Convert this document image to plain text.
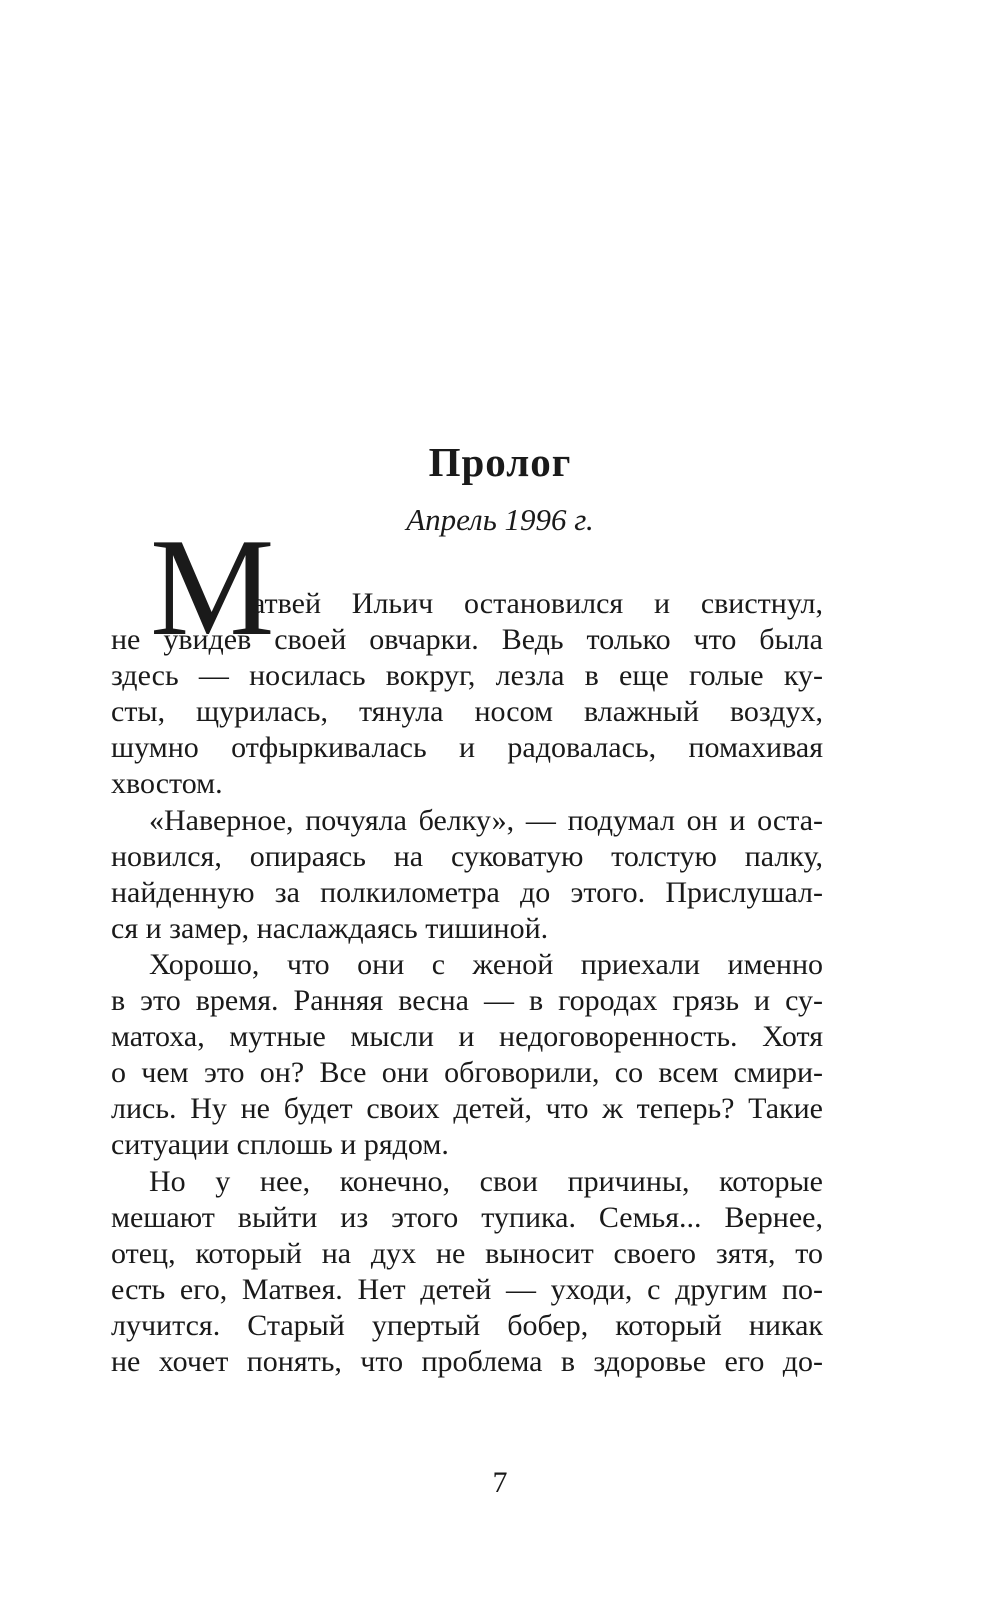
Пролог
Апрель 1996 г.
М
атвей Ильич остановился и свистнул,
не увидев своей овчарки. Ведь только что была
здесь — носилась вокруг, лезла в еще голые ку-
сты, щурилась, тянула носом влажный воздух,
шумно отфыркивалась и радовалась, помахивая
хвостом.
«Наверное, почуяла белку», — подумал он и оста-
новился, опираясь на суковатую толстую палку,
найденную за полкилометра до этого. Прислушал-
ся и замер, наслаждаясь тишиной.
Хорошо, что они с женой приехали именно
в это время. Ранняя весна — в городах грязь и су-
матоха, мутные мысли и недоговоренность. Хотя
о чем это он? Все они обговорили, со всем смири-
лись. Ну не будет своих детей, что ж теперь? Такие
ситуации сплошь и рядом.
Но у нее, конечно, свои причины, которые
мешают выйти из этого тупика. Семья... Вернее,
отец, который на дух не выносит своего зятя, то
есть его, Матвея. Нет детей — уходи, с другим по-
лучится. Старый упертый бобер, который никак
не хочет понять, что проблема в здоровье его до-
7
